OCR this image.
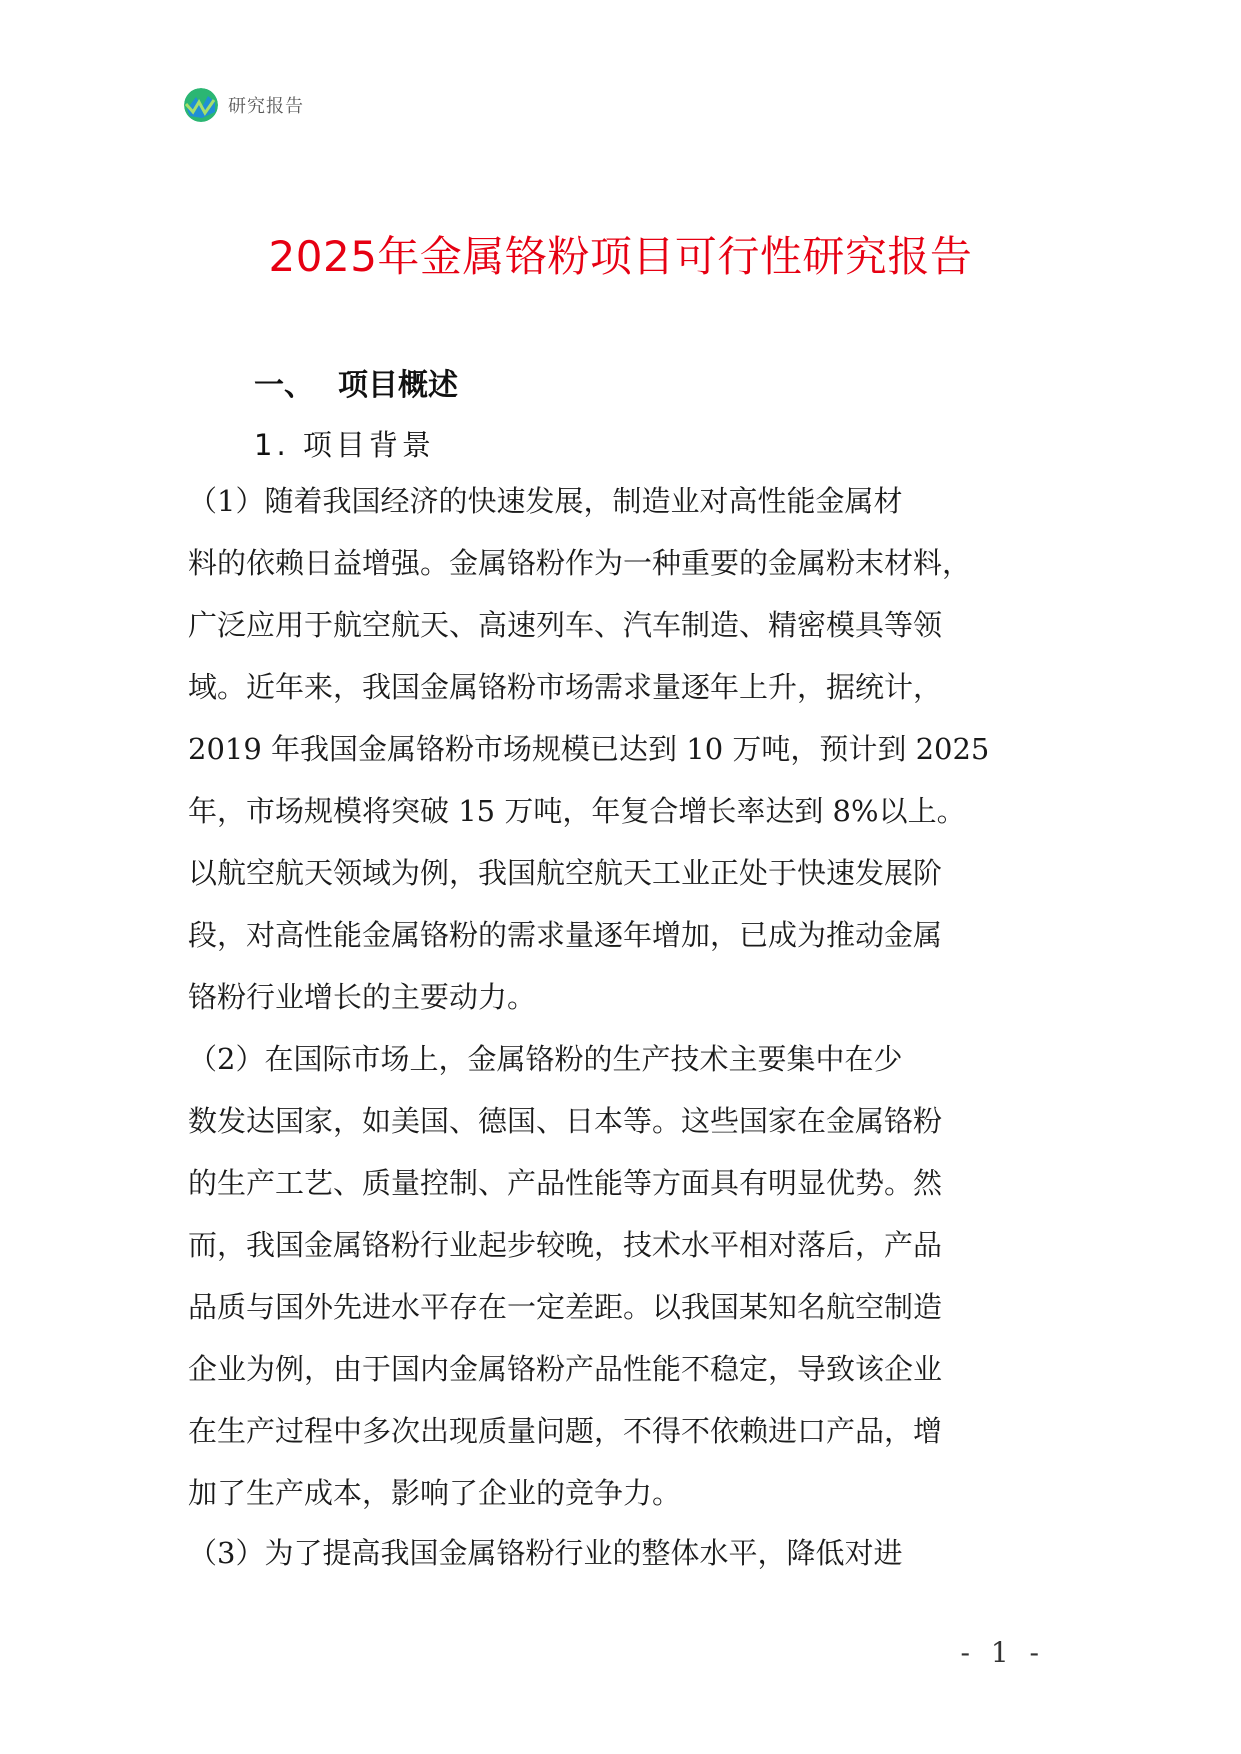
研究报告
2025年金属铬粉项目可行性研究报告
一、 项目概述
1. 项目背景
（1）随着我国经济的快速发展，制造业对高性能金属材
料的依赖日益增强。金属铬粉作为一种重要的金属粉末材料，
广泛应用于航空航天、高速列车、汽车制造、精密模具等领
域。近年来，我国金属铬粉市场需求量逐年上升，据统计，
2019 年我国金属铬粉市场规模已达到 10 万吨，预计到 2025
年，市场规模将突破 15 万吨，年复合增长率达到 8%以上。
以航空航天领域为例，我国航空航天工业正处于快速发展阶
段，对高性能金属铬粉的需求量逐年增加，已成为推动金属
铬粉行业增长的主要动力。
（2）在国际市场上，金属铬粉的生产技术主要集中在少
数发达国家，如美国、德国、日本等。这些国家在金属铬粉
的生产工艺、质量控制、产品性能等方面具有明显优势。然
而，我国金属铬粉行业起步较晚，技术水平相对落后，产品
品质与国外先进水平存在一定差距。以我国某知名航空制造
企业为例，由于国内金属铬粉产品性能不稳定，导致该企业
在生产过程中多次出现质量问题，不得不依赖进口产品，增
加了生产成本，影响了企业的竞争力。
（3）为了提高我国金属铬粉行业的整体水平，降低对进
- 1 -
